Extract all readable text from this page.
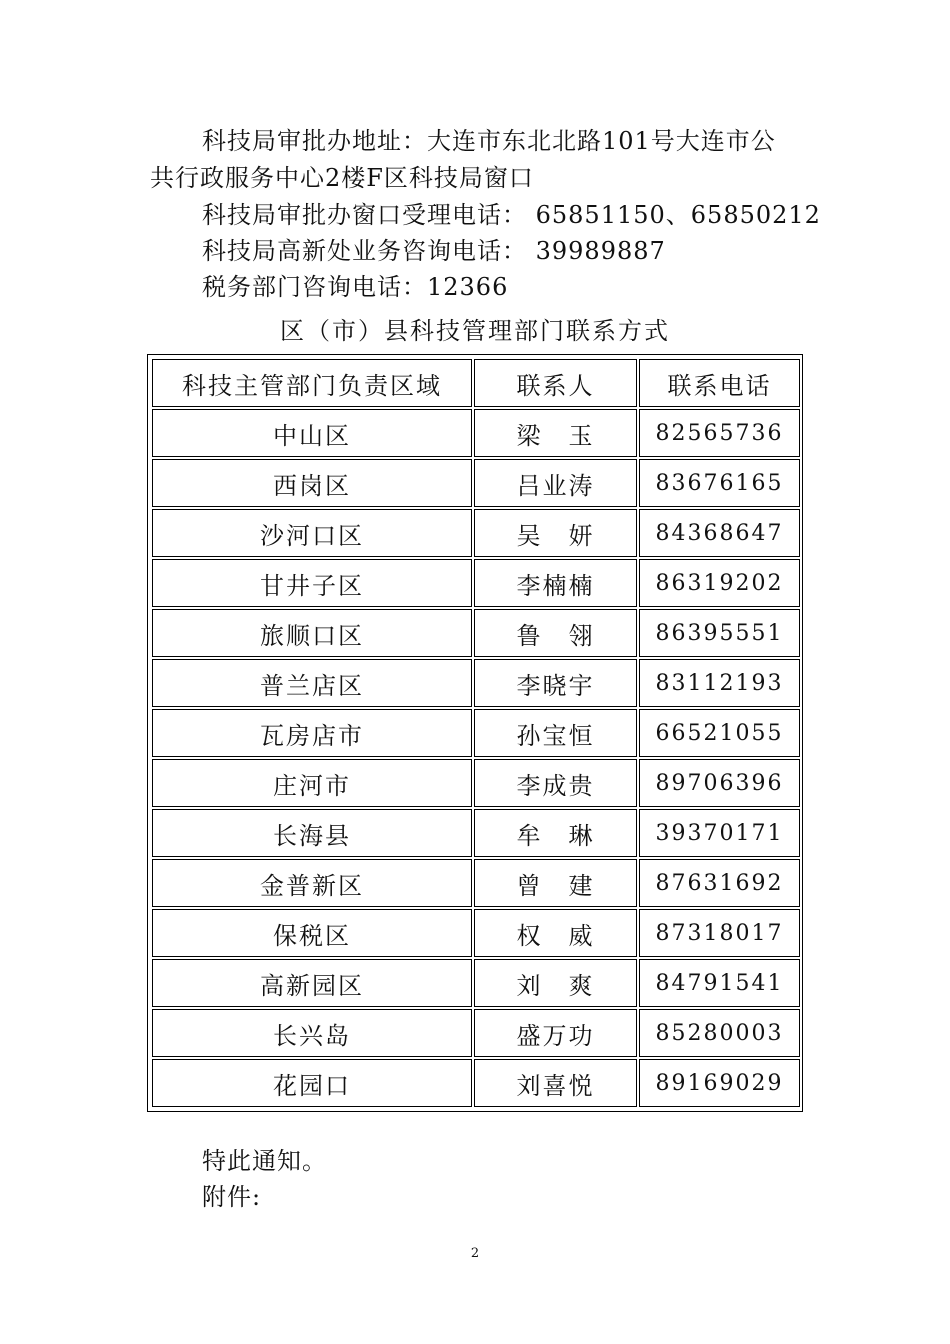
科技局审批办地址：大连市东北北路101号大连市公
共行政服务中心2楼F区科技局窗口
科技局审批办窗口受理电话： 65851150、65850212
科技局高新处业务咨询电话： 39989887
税务部门咨询电话：12366
区（市）县科技管理部门联系方式
科技主管部门负责区域	联系人	联系电话
中山区	梁　玉	82565736
西岗区	吕业涛	83676165
沙河口区	吴　妍	84368647
甘井子区	李楠楠	86319202
旅顺口区	鲁　翎	86395551
普兰店区	李晓宇	83112193
瓦房店市	孙宝恒	66521055
庄河市	李成贵	89706396
长海县	牟　琳	39370171
金普新区	曾　建	87631692
保税区	权　威	87318017
高新园区	刘　爽	84791541
长兴岛	盛万功	85280003
花园口	刘喜悦	89169029
特此通知。
附件:
2
